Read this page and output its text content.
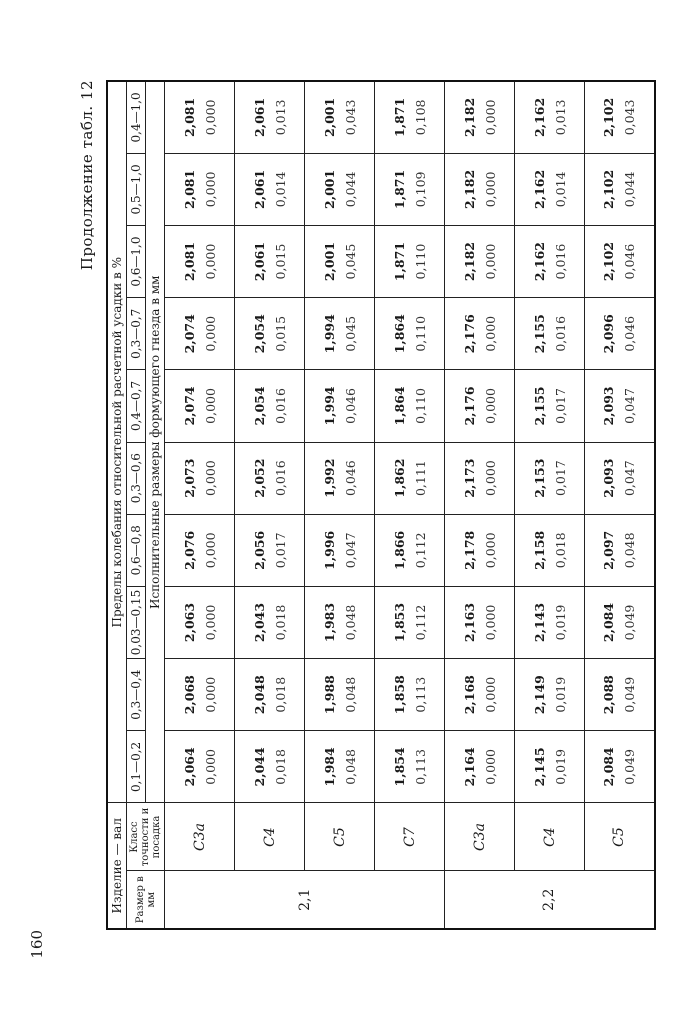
160
Продолжение табл. 12
Изделие — вал		Пределы колебания относительной расчетной усадки в %									
Размер в мм	Класс точности и посадка	0,1—0,2	0,3—0,4	0,03—0,15	0,6—0,8	0,3—0,6	0,4—0,7	0,3—0,7	0,6—1,0	0,5—1,0	0,4—1,0
		Исполнительные размеры формующего гнезда в мм									
2,1	C3а	2,064 0,000	2,068 0,000	2,063 0,000	2,076 0,000	2,073 0,000	2,074 0,000	2,074 0,000	2,081 0,000	2,081 0,000	2,081 0,000

	C4	2,044 0,018	2,048 0,018	2,043 0,018	2,056 0,017	2,052 0,016	2,054 0,016	2,054 0,015	2,061 0,015	2,061 0,014	2,061 0,013

	C5	1,984 0,048	1,988 0,048	1,983 0,048	1,996 0,047	1,992 0,046	1,994 0,046	1,994 0,045	2,001 0,045	2,001 0,044	2,001 0,043

	C7	1,854 0,113	1,858 0,113	1,853 0,112	1,866 0,112	1,862 0,111	1,864 0,110	1,864 0,110	1,871 0,110	1,871 0,109	1,871 0,108

2,2	C3а	2,164 0,000	2,168 0,000	2,163 0,000	2,178 0,000	2,173 0,000	2,176 0,000	2,176 0,000	2,182 0,000	2,182 0,000	2,182 0,000

	C4	2,145 0,019	2,149 0,019	2,143 0,019	2,158 0,018	2,153 0,017	2,155 0,017	2,155 0,016	2,162 0,016	2,162 0,014	2,162 0,013

	C5	2,084 0,049	2,088 0,049	2,084 0,049	2,097 0,048	2,093 0,047	2,093 0,047	2,096 0,046	2,102 0,046	2,102 0,044	2,102 0,043
